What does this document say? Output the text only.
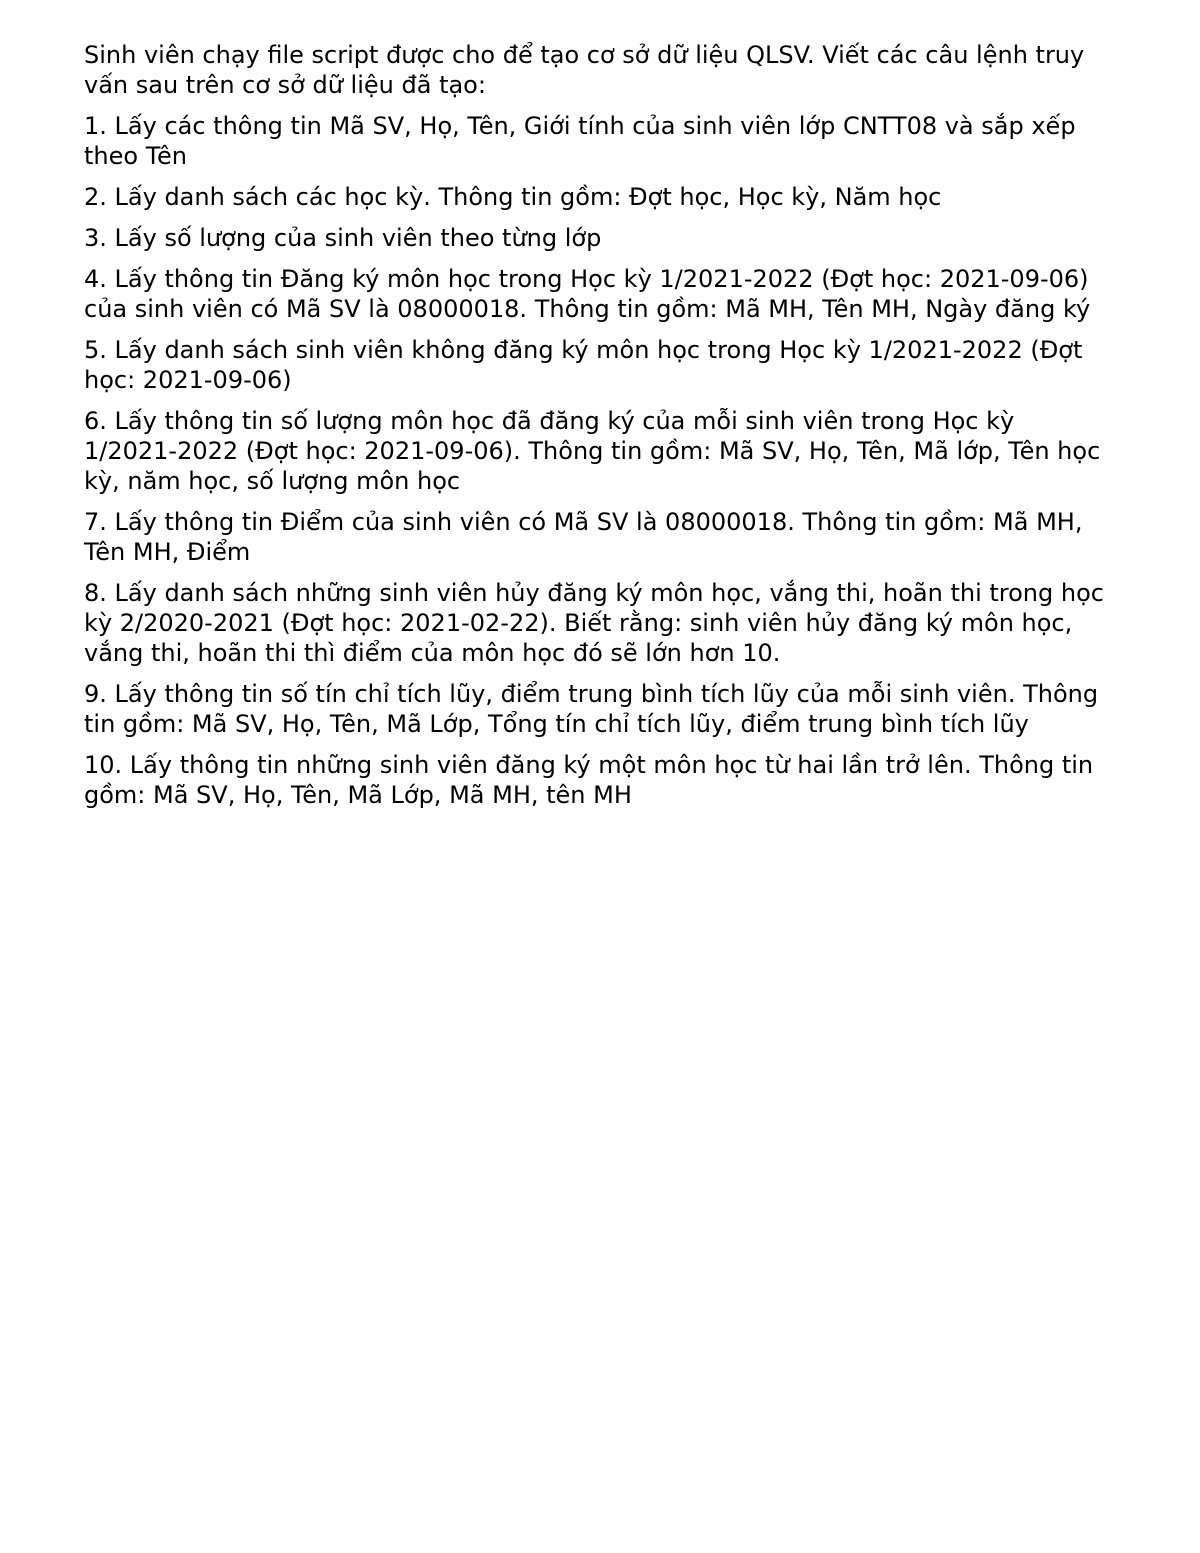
Sinh viên chạy file script được cho để tạo cơ sở dữ liệu QLSV. Viết các câu lệnh truy vấn sau trên cơ sở dữ liệu đã tạo:

1. Lấy các thông tin Mã SV, Họ, Tên, Giới tính của sinh viên lớp CNTT08 và sắp xếp theo Tên

2. Lấy danh sách các học kỳ. Thông tin gồm: Đợt học, Học kỳ, Năm học

3. Lấy số lượng của sinh viên theo từng lớp

4. Lấy thông tin Đăng ký môn học trong Học kỳ 1/2021-2022 (Đợt học: 2021-09-06) của sinh viên có Mã SV là 08000018. Thông tin gồm: Mã MH, Tên MH, Ngày đăng ký

5. Lấy danh sách sinh viên không đăng ký môn học trong Học kỳ 1/2021-2022 (Đợt học: 2021-09-06)

6. Lấy thông tin số lượng môn học đã đăng ký của mỗi sinh viên trong Học kỳ 1/2021-2022 (Đợt học: 2021-09-06). Thông tin gồm: Mã SV, Họ, Tên, Mã lớp, Tên học kỳ, năm học, số lượng môn học

7. Lấy thông tin Điểm của sinh viên có Mã SV là 08000018. Thông tin gồm: Mã MH, Tên MH, Điểm

8. Lấy danh sách những sinh viên hủy đăng ký môn học, vắng thi, hoãn thi trong học kỳ 2/2020-2021 (Đợt học: 2021-02-22). Biết rằng: sinh viên hủy đăng ký môn học, vắng thi, hoãn thi thì điểm của môn học đó sẽ lớn hơn 10.

9. Lấy thông tin số tín chỉ tích lũy, điểm trung bình tích lũy của mỗi sinh viên. Thông tin gồm: Mã SV, Họ, Tên, Mã Lớp, Tổng tín chỉ tích lũy, điểm trung bình tích lũy

10. Lấy thông tin những sinh viên đăng ký một môn học từ hai lần trở lên. Thông tin gồm: Mã SV, Họ, Tên, Mã Lớp, Mã MH, tên MH
